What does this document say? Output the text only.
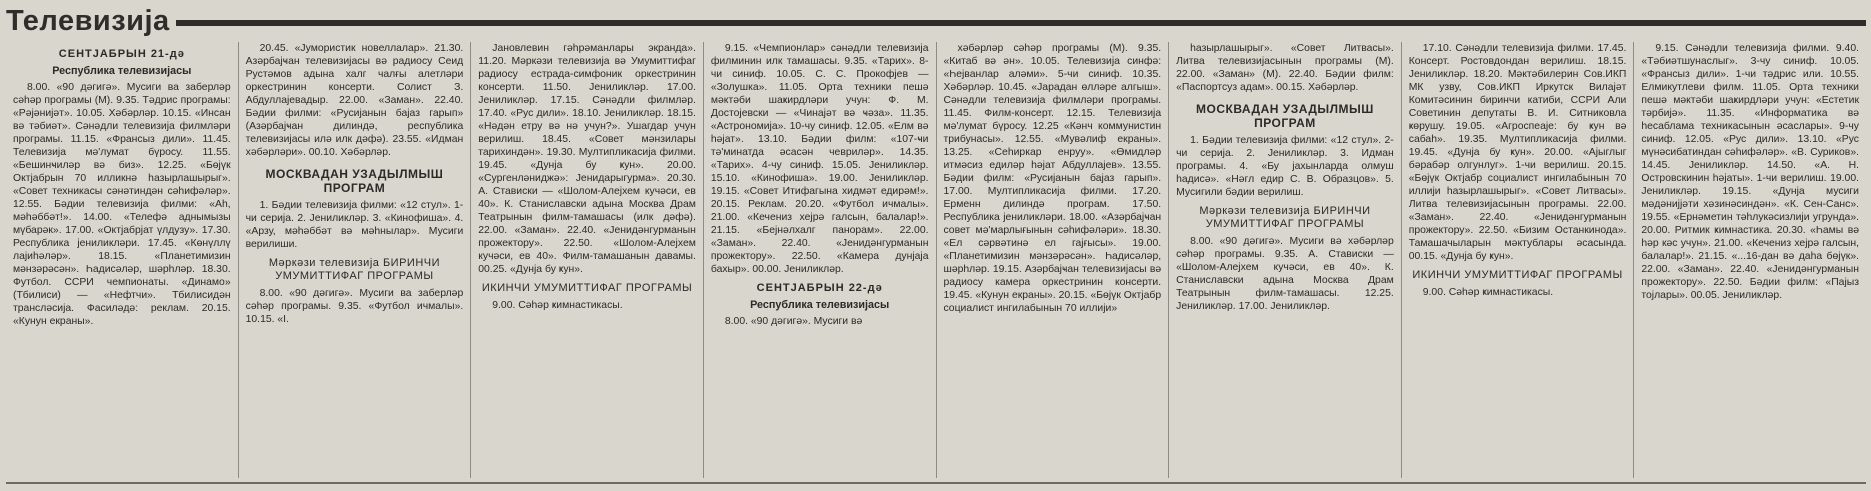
Телевизија
СЕНТЈАБРЫН 21-дә
Республика телевизијасы

8.00. «90 дәгигә». Мусиги ва заберләр сәһәр програмы (М). 9.35. Тәдрис програмы: «Рәјәнијәт». 10.05. Хәбәрләр. 10.15. «Инсан вә тәбиәт». Сәнәдли телевизија филмләри програмы. 11.15. «Франсыз дили». 11.45. Телевизија мә'лумат бүросу. 11.55. «Бешинҹиләр вә биз». 12.25. «Бөјүк Октјабрын 70 илликнә һазырлашырыг». «Совет техникасы сәнәтиндән сәһифәләр». 12.55. Бәдии телевизија филми: «Ah, мәһәббәт!». 14.00. «Телефә аднымызы мүбарәк». 17.00. «Октјабрјат үлдузу». 17.30. Республика јениликләри. 17.45. «Көнүллү лајиһәләр». 18.15. «Планетимизин мәнзәрәсән». Һадисәләр, шәрһләр. 18.30. Футбол. ССРИ чемпионаты. «Динамо» (Тбилиси) — «Нефтчи». Тбилисидән трансләсија. Фасиләдә: реклам. 20.15. «Кунун екраны».

20.45. «Јумористик новеллалар». 21.30. Азәрбајҹан телевизијасы вә радиосу Сеид Рустәмов адына халг чалғы алетләри оркестринин консерти. Солист З. Абдуллајевадыр. 22.00. «Заман». 22.40. Бәдии филми: «Русијанын бајаз гарып» (Азәрбајҹан дилиндә, республика телевизијасы илә илк дәфә). 23.55. «Идман хәбәрләри». 00.10. Хәбәрләр.

МОСКВАДАН УЗАДЫЛМЫШ ПРОГРАМ

1. Бәдии телевизија филми: «12 стул». 1-чи серија. 2. Јениликләр. 3. «Кинофиша». 4. «Арзу, мәһәббәт вә мәһнылар». Мусиги верилиши.

Мәркәзи телевизија БИРИНЧИ УМУМИТТИФАГ ПРОГРАМЫ

8.00. «90 дәгигә». Мусиги ва заберләр сәһәр програмы. 9.35. «Футбол ичмалы». 10.15. «I.

Јановлевин гәһрәманлары экранда». 11.20. Мәркәзи телевизија вә Умумиттифаг радиосу естрада-симфоник оркестринин консерти. 11.50. Јениликләр. 17.00. Јениликләр. 17.15. Сәнәдли филмләр. 17.40. «Рус дили». 18.10. Јениликләр. 18.15. «Нәдән етру вә нә учун?». Ушагдар учун верилиш. 18.45. «Совет мәнзилары тарихиндән». 19.30. Мултипликасија филми. 19.45. «Дунја бу ҝун». 20.00. «Сургенләниджә»: Јенидарыгурма». 20.30. А. Стависки — «Шолом-Алејхем кучәси, ев 40». К. Станиславски адына Москва Драм Театрынын филм-тамашасы (илк дәфә). 22.00. «Заман». 22.40. «Јенидәнгурманын прожектору». 22.50. «Шолом-Алејхем кучәси, ев 40». Филм-тамашанын давамы. 00.25. «Дунја бу ҝун».

ИКИНЧИ УМУМИТТИФАГ ПРОГРАМЫ

9.00. Сәһәр ҝимнастикасы.

9.15. «Чемпионлар» сәнәдли телевизија филминин илк тамашасы. 9.35. «Тарих». 8-чи синиф. 10.05. С. С. Прокофјев — «Золушка». 11.05. Орта техники пешә мәктәби шаҝирдләри учун: Ф. М. Достојевски — «Чинајәт вә ҹәза». 11.35. «Астрономија». 10-чу синиф. 12.05. «Елм вә һәјат». 13.10. Бәдии филм: «107-ҹи тә'минатда әсасән чевриләр». 14.35. «Тарих». 4-чу синиф. 15.05. Јениликләр. 15.10. «Кинофиша». 19.00. Јениликләр. 19.15. «Совет Итифагына хидмәт едирәм!». 20.15. Реклам. 20.20. «Футбол ичмалы». 21.00. «Кечениз хејрә галсын, балалар!». 21.15. «Бејнәлхалг панорам». 22.00. «Заман». 22.40. «Јенидәнгурманын прожектору». 22.50. «Камера дунјаја бахыр». 00.00. Јениликләр.

СЕНТЈАБРЫН 22-дә
Республика телевизијасы

8.00. «90 дәгигә». Мусиги вә

хәбәрләр сәһәр програмы (М). 9.35. «Китаб вә ән». 10.05. Телевизија синфә: «Һејванлар аләми». 5-чи синиф. 10.35. Хәбәрләр. 10.45. «Јарадан өлләре алгыш». Сәнәдли телевизија филмләри програмы. 11.45. Филм-консерт. 12.15. Телевизија мә'лумат бүросу. 12.25 «Кәнч коммунистин трибунасы». 12.55. «Мувәлиф екраны». 13.25. «Сеһиркар енруу». «Өмидләр итмәсиз едиләр һәјат Абдуллајев». 13.55. Бәдии филм: «Русијанын бајаз гарып». 17.00. Мултипликасија филми. 17.20. Ерменн дилиндә програм. 17.50. Республика јениликләри. 18.00. «Азәрбајҹан совет мә'марлығынын сәһифәләри». 18.30. «Ел сәрвәтинә ел гајғысы». 19.00. «Планетимизин мәнзәрәсән». Һадисәләр, шәрһләр. 19.15. Азәрбајҹан телевизијасы вә радиосу камера оркестринин консерти. 19.45. «Кунун екраны». 20.15. «Бөјүк Октјабр социалист ингилабынын 70 иллији»

һазырлашырыг». «Совет Литвасы». Литва телевизијасынын програмы (М). 22.00. «Заман» (М). 22.40. Бәдии филм: «Паспортсуз адам». 00.15. Хәбәрләр.

МОСКВАДАН УЗАДЫЛМЫШ ПРОГРАМ

1. Бәдии телевизија филми: «12 стул». 2-чи серија. 2. Јениликләр. 3. Идман програмы. 4. «Бу јахынларда олмуш һадисә». «Нәгл едир С. В. Образцов». 5. Мусигили бәдии верилиш.

Мәркәзи телевизија БИРИНЧИ УМУМИТТИФАГ ПРОГРАМЫ

8.00. «90 дәгигә». Мусиги вә хәбәрләр сәһәр програмы. 9.35. А. Стависки — «Шолом-Алејхем кучәси, ев 40». К. Станиславски адына Москва Драм Театрынын филм-тамашасы. 12.25. Јениликләр. 17.00. Јениликләр.

17.10. Сәнәдли телевизија филми. 17.45. Консерт. Ростовдондан верилиш. 18.15. Јениликләр. 18.20. Мәктәбилерин Сов.ИКП МК узву, Сов.ИКП Иркутск Вилајәт Комитәсинин биринчи катиби, ССРИ Али Советинин депутаты В. И. Ситниковла ҝөрушу. 19.05. «Агроспеаје: бу ҝун вә сабаһ». 19.35. Мултипликасија филми. 19.45. «Дунја бу ҝун». 20.00. «Ајыглыг бәрабәр олгунлуг». 1-чи верилиш. 20.15. «Бөјүк Октјабр социалист ингилабынын 70 иллији һазырлашырыг». «Совет Литвасы». Литва телевизијасынын програмы. 22.00. «Заман». 22.40. «Јенидәнгурманын прожектору». 22.50. «Бизим Останкинода». Тамашачыларын мәктублары әсасында. 00.15. «Дунја бу ҝун».

ИКИНЧИ УМУМИТТИФАГ ПРОГРАМЫ

9.00. Сәһәр ҝимнастикасы.

9.15. Сәнәдли телевизија филми. 9.40. «Тәбиәтшунаслыг». 3-чу синиф. 10.05. «Франсыз дили». 1-чи тәдрис или. 10.55. Елмикутлеви филм. 11.05. Орта техники пешә мәктәби шаҝирдләри учун: «Естетик тәрбијә». 11.35. «Информатика вә һесаблама техникасынын әсаслары». 9-чу синиф. 12.05. «Рус дили». 13.10. «Рус мүнәсибатиндан сәһифәләр». «В. Суриков». 14.45. Јениликләр. 14.50. «А. Н. Островскинин һәјаты». 1-чи верилиш. 19.00. Јениликләр. 19.15. «Дунја мусиги мәдәнијјәти хәзинәсиндән». «К. Сен-Санс». 19.55. «Ернәметин тәһлукәсизлији угрунда». 20.00. Ритмик ҝимнастика. 20.30. «Һамы вә һәр кәс учун». 21.00. «Кечениз хејрә галсын, балалар!». 21.15. «...16-дан вә даһа бөјүк». 22.00. «Заман». 22.40. «Јенидәнгурманын прожектору». 22.50. Бәдии филм: «Пајыз тојлары». 00.05. Јениликләр.
